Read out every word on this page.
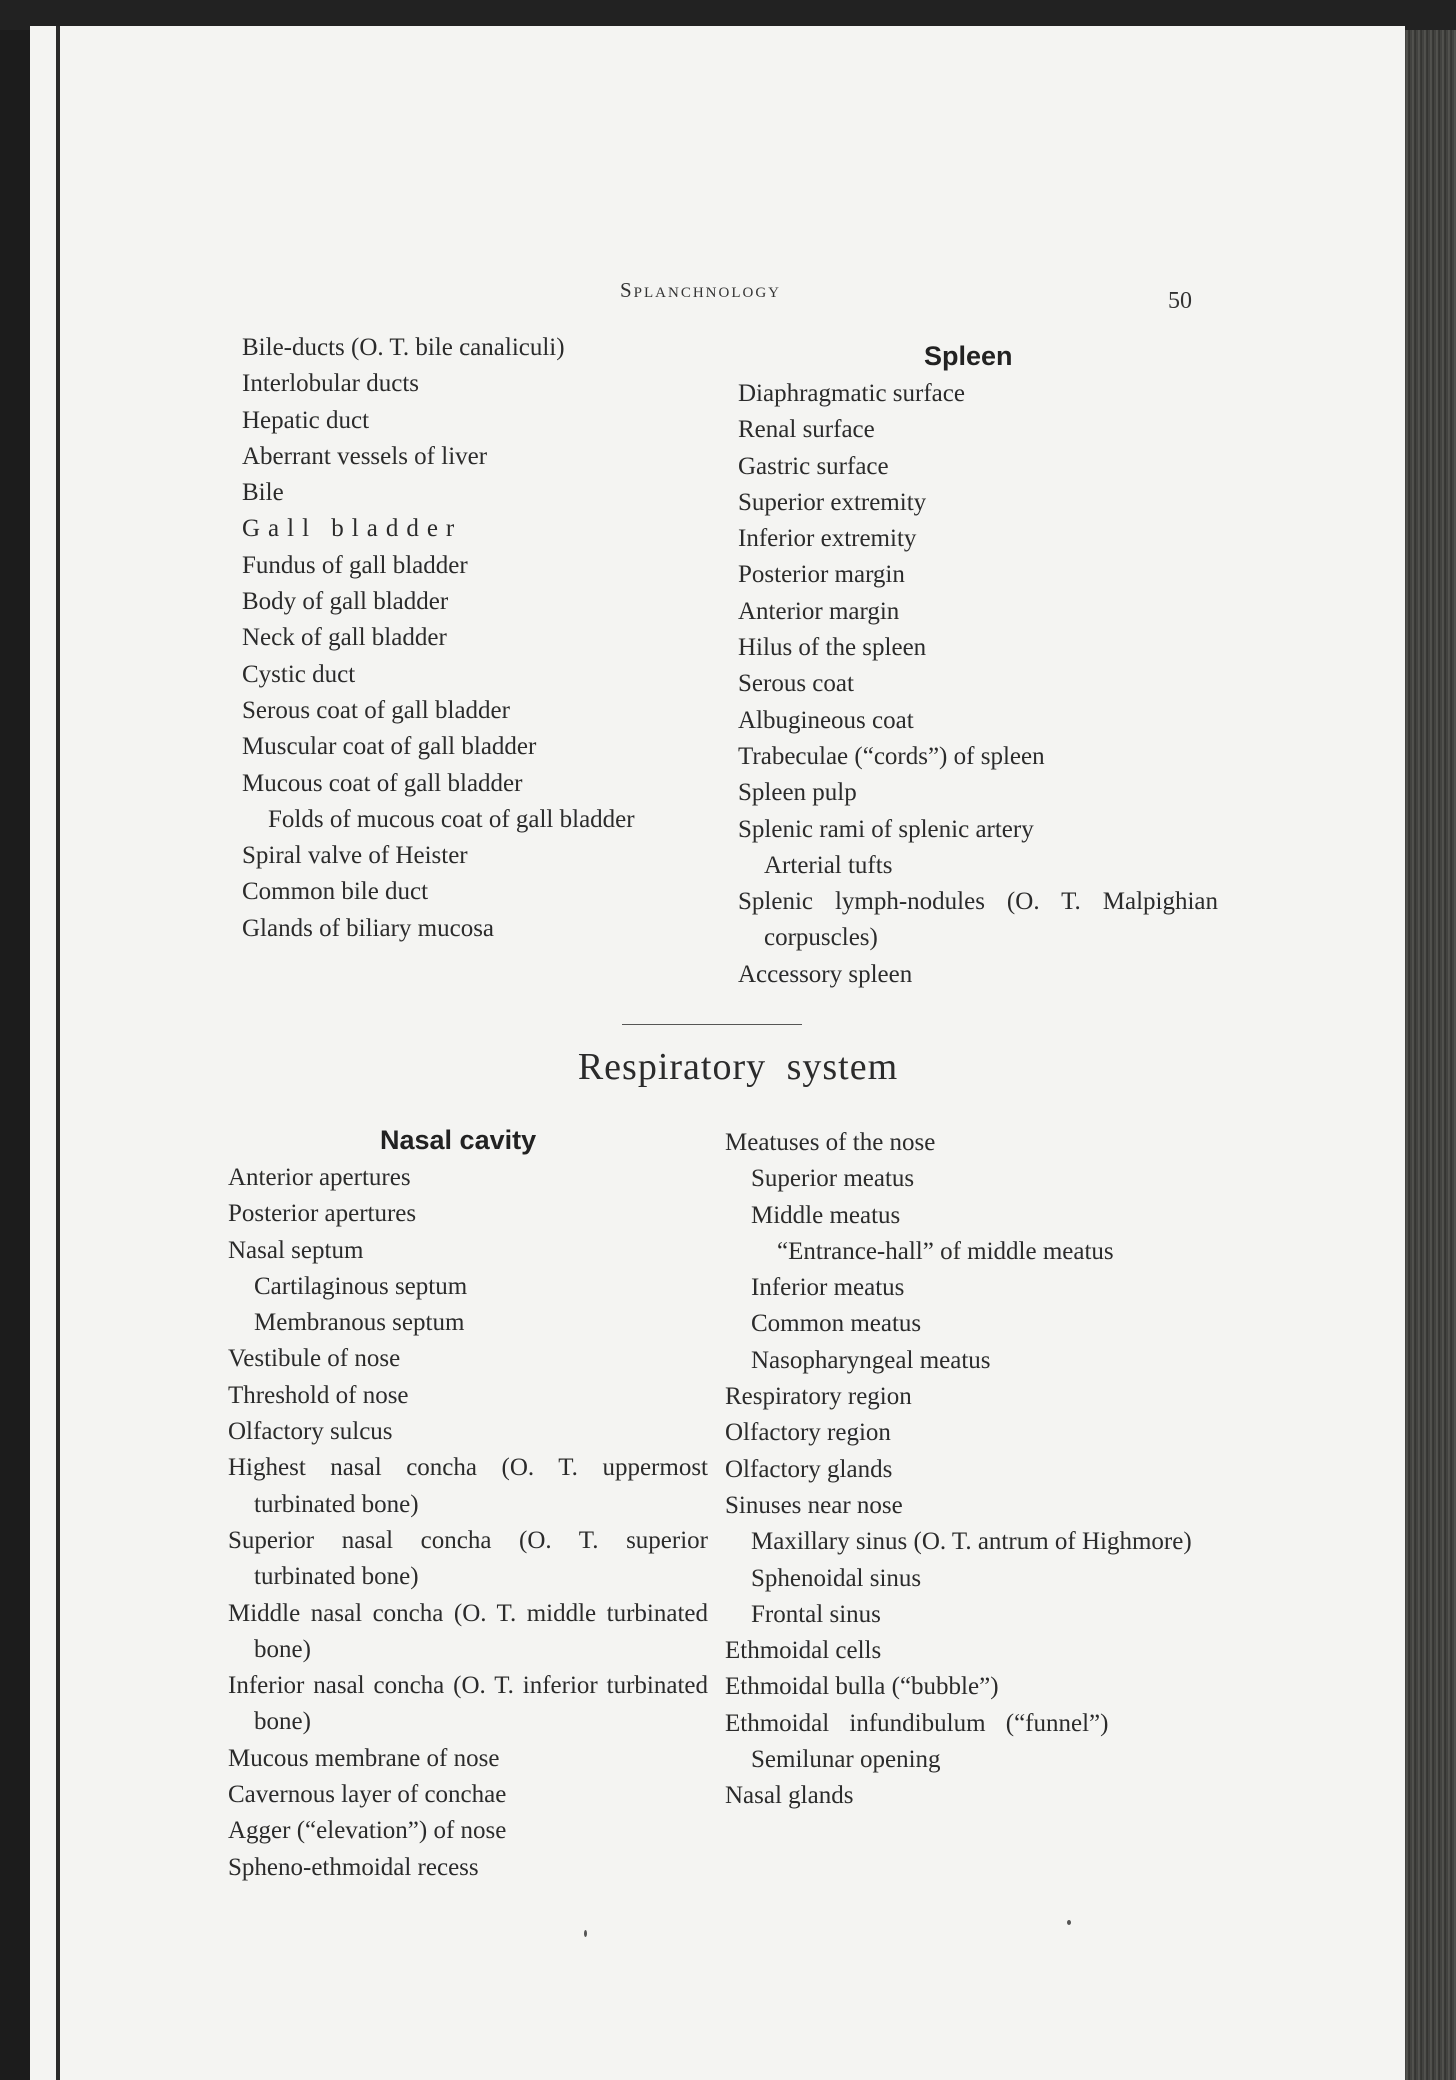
Splanchnology	50
Bile-ducts (O. T. bile canaliculi)
Interlobular ducts
Hepatic duct
Aberrant vessels of liver
Bile
Gall bladder
Fundus of gall bladder
Body of gall bladder
Neck of gall bladder
Cystic duct
Serous coat of gall bladder
Muscular coat of gall bladder
Mucous coat of gall bladder
Folds of mucous coat of gall bladder
Spiral valve of Heister
Common bile duct
Glands of biliary mucosa
Spleen
Diaphragmatic surface
Renal surface
Gastric surface
Superior extremity
Inferior extremity
Posterior margin
Anterior margin
Hilus of the spleen
Serous coat
Albugineous coat
Trabeculae (“cords”) of spleen
Spleen pulp
Splenic rami of splenic artery
Arterial tufts
Splenic lymph-nodules (O. T. Malpighian corpuscles)
Accessory spleen
Respiratory system
Nasal cavity
Anterior apertures
Posterior apertures
Nasal septum
Cartilaginous septum
Membranous septum
Vestibule of nose
Threshold of nose
Olfactory sulcus
Highest nasal concha (O. T. uppermost turbinated bone)
Superior nasal concha (O. T. superior turbinated bone)
Middle nasal concha (O. T. middle turbinated bone)
Inferior nasal concha (O. T. inferior turbinated bone)
Mucous membrane of nose
Cavernous layer of conchae
Agger (“elevation”) of nose
Spheno-ethmoidal recess
Meatuses of the nose
Superior meatus
Middle meatus
“Entrance-hall” of middle meatus
Inferior meatus
Common meatus
Nasopharyngeal meatus
Respiratory region
Olfactory region
Olfactory glands
Sinuses near nose
Maxillary sinus (O. T. antrum of Highmore)
Sphenoidal sinus
Frontal sinus
Ethmoidal cells
Ethmoidal bulla (“bubble”)
Ethmoidal infundibulum (“funnel”)
Semilunar opening
Nasal glands
